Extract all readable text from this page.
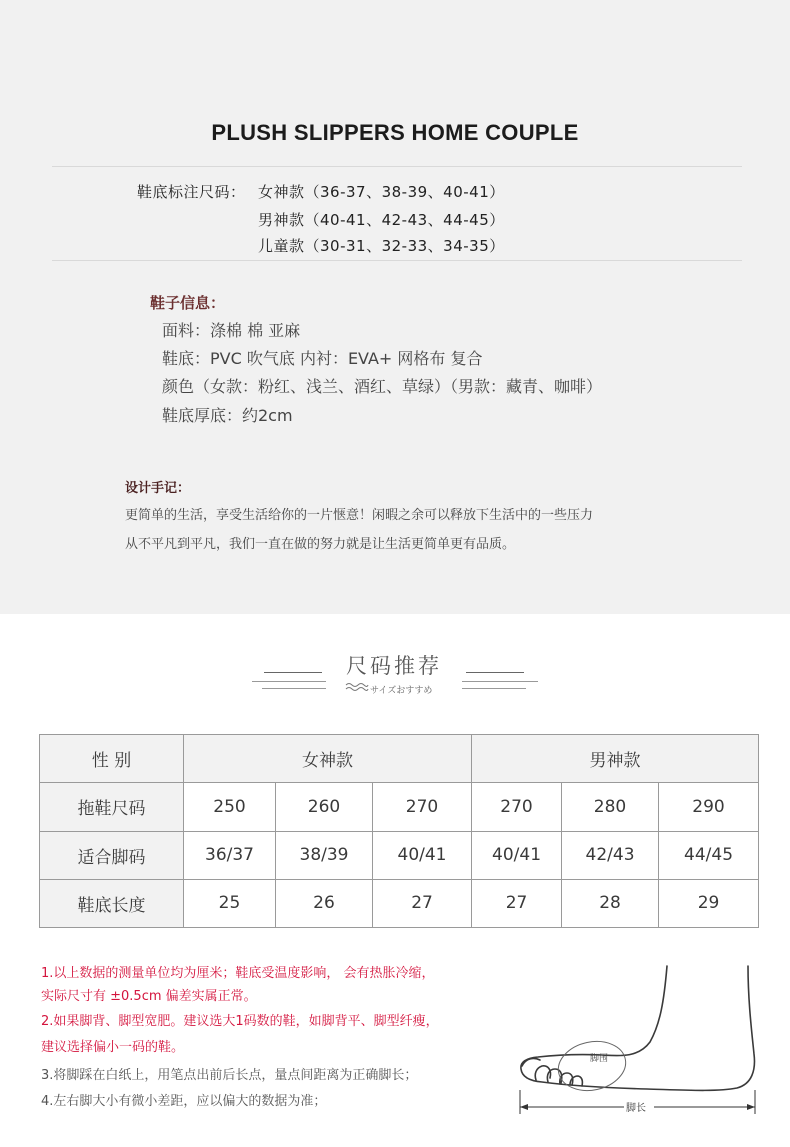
PLUSH SLIPPERS HOME COUPLE
鞋底标注尺码： 女神款（36-37、38-39、40-41）
男神款（40-41、42-43、44-45）
儿童款（30-31、32-33、34-35）
鞋子信息：
面料：涤棉 棉 亚麻
鞋底：PVC 吹气底 内衬：EVA+ 网格布 复合
颜色（女款：粉红、浅兰、酒红、草绿）（男款：藏青、咖啡）
鞋底厚底：约2cm
设计手记：
更简单的生活，享受生活给你的一片惬意！闲暇之余可以释放下生活中的一些压力
从不平凡到平凡，我们一直在做的努力就是让生活更简单更有品质。
尺码推荐
サイズおすすめ
性 别	女神款			男神款		
拖鞋尺码	250	260	270	270	280	290
适合脚码	36/37	38/39	40/41	40/41	42/43	44/45
鞋底长度	25	26	27	27	28	29
1.以上数据的测量单位均为厘米；鞋底受温度影响， 会有热胀冷缩，
实际尺寸有 ±0.5cm 偏差实属正常。
2.如果脚背、脚型宽肥。建议选大1码数的鞋，如脚背平、脚型纤瘦，
建议选择偏小一码的鞋。
3.将脚踩在白纸上，用笔点出前后长点，量点间距离为正确脚长；
4.左右脚大小有微小差距，应以偏大的数据为准；
脚围
脚长
